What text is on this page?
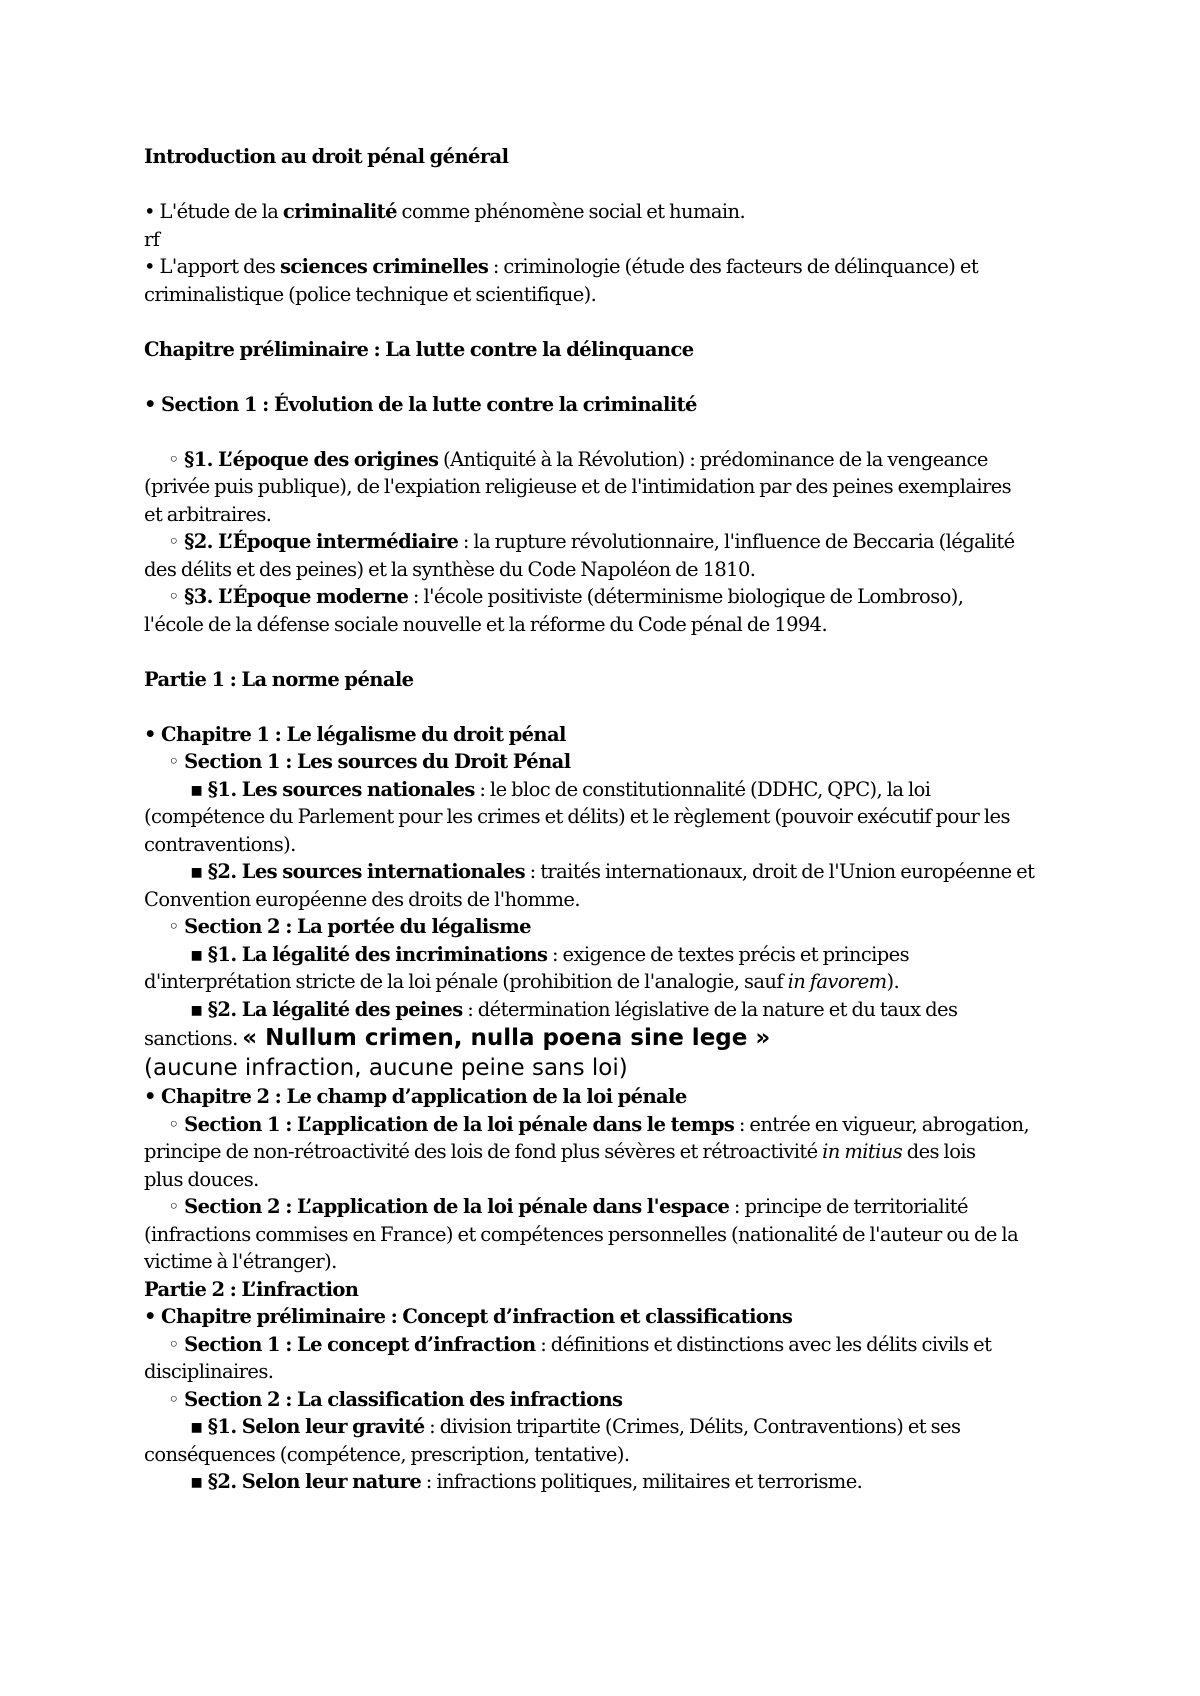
Introduction au droit pénal général
• L'étude de la criminalité comme phénomène social et humain.
rf
• L'apport des sciences criminelles : criminologie (étude des facteurs de délinquance) et
criminalistique (police technique et scientifique).
Chapitre préliminaire : La lutte contre la délinquance
• Section 1 : Évolution de la lutte contre la criminalité
◦ §1. L’époque des origines (Antiquité à la Révolution) : prédominance de la vengeance
(privée puis publique), de l'expiation religieuse et de l'intimidation par des peines exemplaires
et arbitraires.
◦ §2. L’Époque intermédiaire : la rupture révolutionnaire, l'influence de Beccaria (légalité
des délits et des peines) et la synthèse du Code Napoléon de 1810.
◦ §3. L’Époque moderne : l'école positiviste (déterminisme biologique de Lombroso),
l'école de la défense sociale nouvelle et la réforme du Code pénal de 1994.
Partie 1 : La norme pénale
• Chapitre 1 : Le légalisme du droit pénal
◦ Section 1 : Les sources du Droit Pénal
▪ §1. Les sources nationales : le bloc de constitutionnalité (DDHC, QPC), la loi
(compétence du Parlement pour les crimes et délits) et le règlement (pouvoir exécutif pour les
contraventions).
▪ §2. Les sources internationales : traités internationaux, droit de l'Union européenne et
Convention européenne des droits de l'homme.
◦ Section 2 : La portée du légalisme
▪ §1. La légalité des incriminations : exigence de textes précis et principes
d'interprétation stricte de la loi pénale (prohibition de l'analogie, sauf in favorem).
▪ §2. La légalité des peines : détermination législative de la nature et du taux des
sanctions. « Nullum crimen, nulla poena sine lege »
(aucune infraction, aucune peine sans loi)
• Chapitre 2 : Le champ d’application de la loi pénale
◦ Section 1 : L’application de la loi pénale dans le temps : entrée en vigueur, abrogation,
principe de non-rétroactivité des lois de fond plus sévères et rétroactivité in mitius des lois
plus douces.
◦ Section 2 : L’application de la loi pénale dans l'espace : principe de territorialité
(infractions commises en France) et compétences personnelles (nationalité de l'auteur ou de la
victime à l'étranger).
Partie 2 : L’infraction
• Chapitre préliminaire : Concept d’infraction et classifications
◦ Section 1 : Le concept d’infraction : définitions et distinctions avec les délits civils et
disciplinaires.
◦ Section 2 : La classification des infractions
▪ §1. Selon leur gravité : division tripartite (Crimes, Délits, Contraventions) et ses
conséquences (compétence, prescription, tentative).
▪ §2. Selon leur nature : infractions politiques, militaires et terrorisme.
